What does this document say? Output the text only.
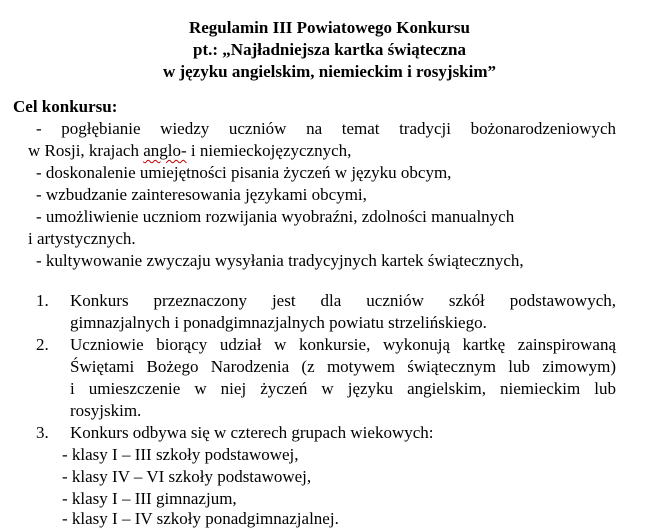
Regulamin III Powiatowego Konkursu
pt.: „Najładniejsza kartka świąteczna
w języku angielskim, niemieckim i rosyjskim”
Cel konkursu:
- pogłębianie wiedzy uczniów na temat tradycji bożonarodzeniowych
w Rosji, krajach anglo- i niemieckojęzycznych,
- doskonalenie umiejętności pisania życzeń w języku obcym,
- wzbudzanie zainteresowania językami obcymi,
- umożliwienie uczniom rozwijania wyobraźni, zdolności manualnych
i artystycznych.
- kultywowanie zwyczaju wysyłania tradycyjnych kartek świątecznych,
1. Konkurs przeznaczony jest dla uczniów szkół podstawowych,
gimnazjalnych i ponadgimnazjalnych powiatu strzelińskiego.
2. Uczniowie biorący udział w konkursie, wykonują kartkę zainspirowaną
Świętami Bożego Narodzenia (z motywem świątecznym lub zimowym)
i umieszczenie w niej życzeń w języku angielskim, niemieckim lub
rosyjskim.
3. Konkurs odbywa się w czterech grupach wiekowych:
- klasy I – III szkoły podstawowej,
- klasy IV – VI szkoły podstawowej,
- klasy I – III gimnazjum,
- klasy I – IV szkoły ponadgimnazjalnej.
